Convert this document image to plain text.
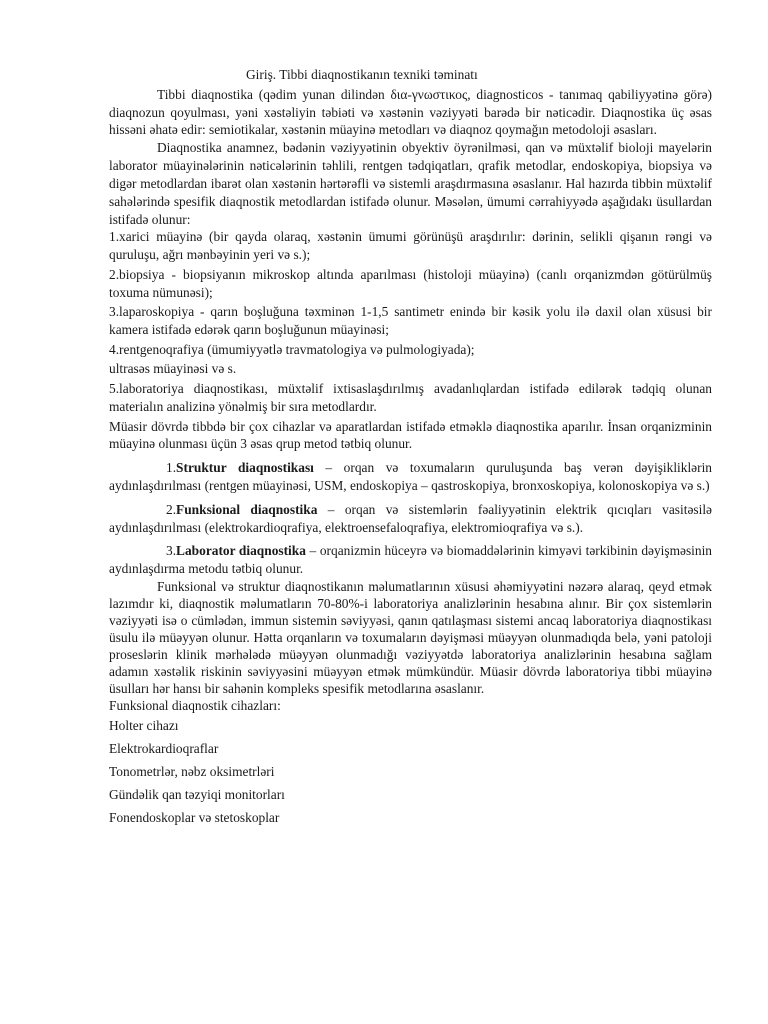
Giriş. Tibbi diaqnostikanın texniki təminatı

Tibbi diaqnostika (qədim yunan dilindən δια-γνωστικος, diagnosticos - tanımaq qabiliyyətinə görə) diaqnozun qoyulması, yəni xəstəliyin təbiəti və xəstənin vəziyyəti barədə bir nəticədir. Diaqnostika üç əsas hissəni əhatə edir: semiotikalar, xəstənin müayinə metodları və diaqnoz qoymağın metodoloji əsasları.

Diaqnostika anamnez, bədənin vəziyyətinin obyektiv öyrənilməsi, qan və müxtəlif bioloji mayelərin laborator müayinələrinin nəticələrinin təhlili, rentgen tədqiqatları, qrafik metodlar, endoskopiya, biopsiya və digər metodlardan ibarət olan xəstənin hərtərəfli və sistemli araşdırmasına əsaslanır. Hal hazırda tibbin müxtəlif sahələrində spesifik diaqnostik metodlardan istifadə olunur. Məsələn, ümumi cərrahiyyədə aşağıdakı üsullardan istifadə olunur:

1.xarici müayinə (bir qayda olaraq, xəstənin ümumi görünüşü araşdırılır: dərinin, selikli qişanın rəngi və quruluşu, ağrı mənbəyinin yeri və s.);

2.biopsiya - biopsiyanın mikroskop altında aparılması (histoloji müayinə) (canlı orqanizmdən götürülmüş toxuma nümunəsi);

3.laparoskopiya - qarın boşluğuna təxminən 1-1,5 santimetr enində bir kəsik yolu ilə daxil olan xüsusi bir kamera istifadə edərək qarın boşluğunun müayinəsi;

4.rentgenoqrafiya (ümumiyyətlə travmatologiya və pulmologiyada);

ultrasəs müayinəsi və s.

5.laboratoriya diaqnostikası, müxtəlif ixtisaslaşdırılmış avadanlıqlardan istifadə edilərək tədqiq olunan materialın analizinə yönəlmiş bir sıra metodlardır.

Müasir dövrdə tibbdə bir çox cihazlar və aparatlardan istifadə etməklə diaqnostika aparılır. İnsan orqanizminin müayinə olunması üçün 3 əsas qrup metod tətbiq olunur.

1.Struktur diaqnostikası – orqan və toxumaların quruluşunda baş verən dəyişikliklərin aydınlaşdırılması (rentgen müayinəsi, USM, endoskopiya – qastroskopiya, bronxoskopiya, kolonoskopiya və s.)

2.Funksional diaqnostika – orqan və sistemlərin fəaliyyətinin elektrik qıcıqları vasitəsilə aydınlaşdırılması (elektrokardioqrafiya, elektroensefaloqrafiya, elektromioqrafiya və s.).

3.Laborator diaqnostika – orqanizmin hüceyrə və biomaddələrinin kimyəvi tərkibinin dəyişməsinin aydınlaşdırma metodu tətbiq olunur.

Funksional və struktur diaqnostikanın məlumatlarının xüsusi əhəmiyyətini nəzərə alaraq, qeyd etmək lazımdır ki, diaqnostik məlumatların 70-80%-i laboratoriya analizlərinin hesabına alınır. Bir çox sistemlərin vəziyyəti isə o cümlədən, immun sistemin səviyyəsi, qanın qatılaşması sistemi ancaq laboratoriya diaqnostikası üsulu ilə müəyyən olunur. Hətta orqanların və toxumaların dəyişməsi müəyyən olunmadıqda belə, yəni patoloji proseslərin klinik mərhələdə müəyyən olunmadığı vəziyyətdə laboratoriya analizlərinin hesabına sağlam adamın xəstəlik riskinin səviyyəsini müəyyən etmək mümkündür. Müasir dövrdə laboratoriya tibbi müayinə üsulları hər hansı bir sahənin kompleks spesifik metodlarına əsaslanır.

Funksional diaqnostik cihazları:

Holter cihazı

Elektrokardioqraflar

Tonometrlər, nəbz oksimetrləri

Gündəlik qan təzyiqi monitorları

Fonendoskoplar və stetoskoplar
